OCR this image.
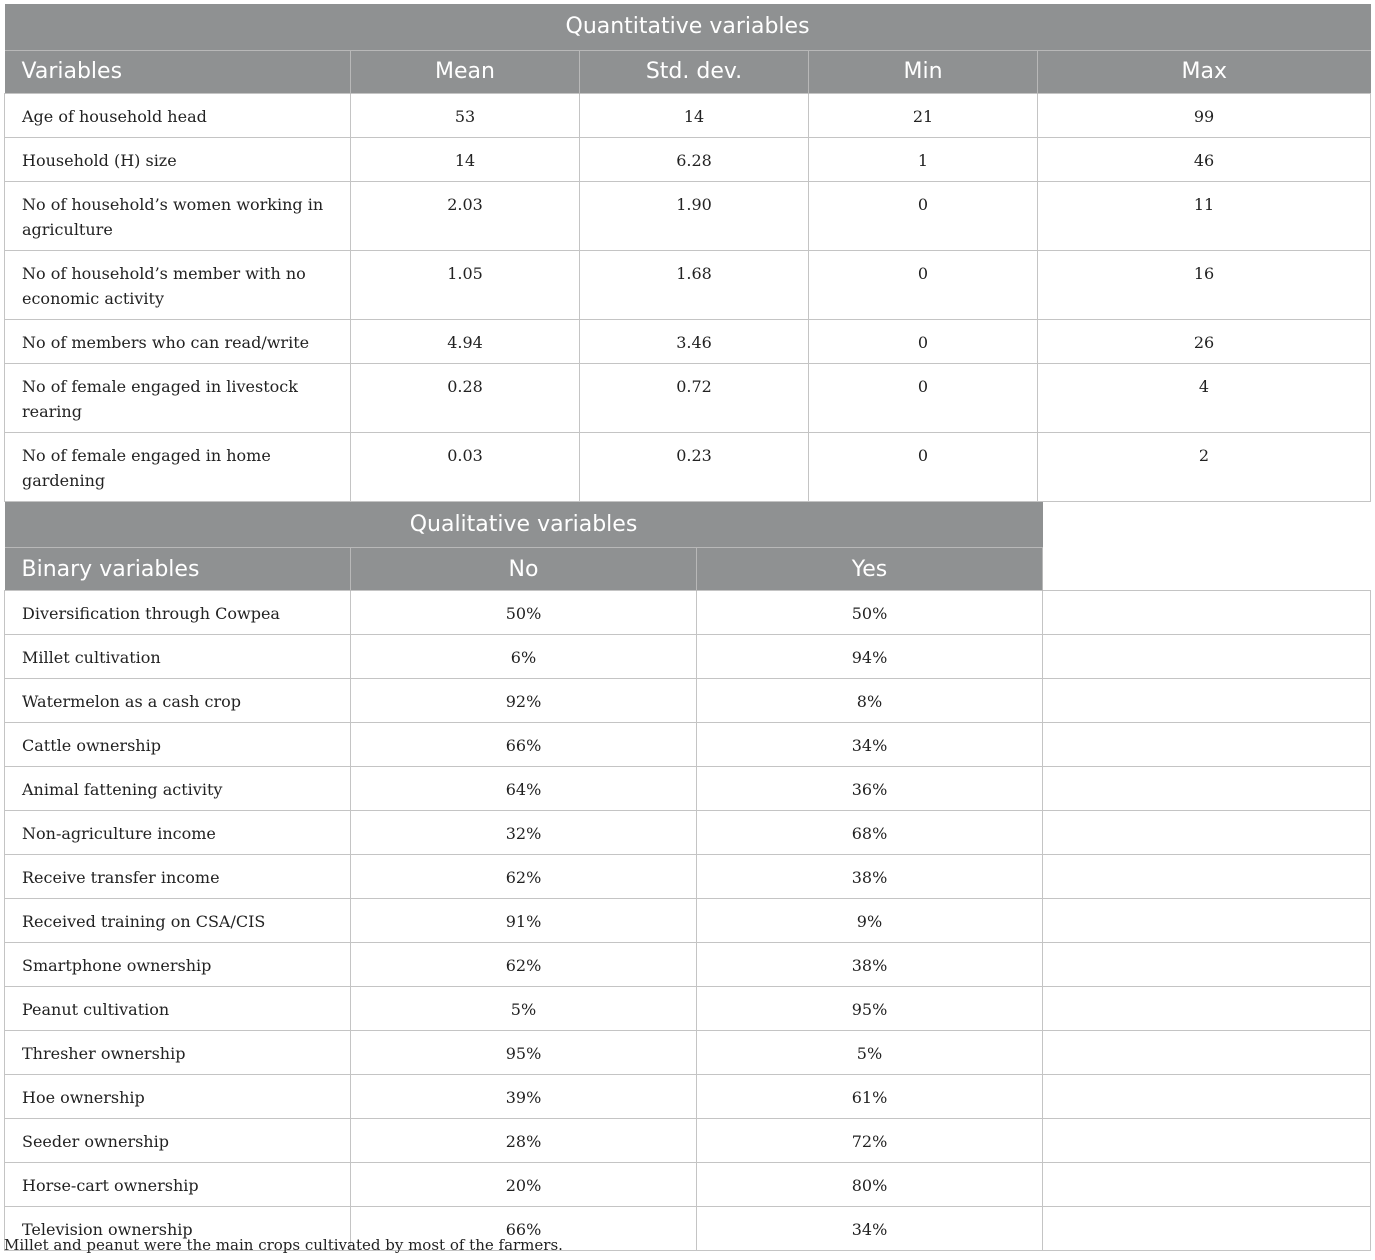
Quantitative variables				
Variables	Mean	Std. dev.	Min	Max
Age of household head	53	14	21	99
Household (H) size	14	6.28	1	46
No of household’s women working in agriculture	2.03	1.90	0	11
No of household’s member with no economic activity	1.05	1.68	0	16
No of members who can read/write	4.94	3.46	0	26
No of female engaged in livestock rearing	0.28	0.72	0	4
No of female engaged in home gardening	0.03	0.23	0	2
Qualitative variables			
Binary variables	No	Yes	
Diversification through Cowpea	50%	50%	
Millet cultivation	6%	94%	
Watermelon as a cash crop	92%	8%	
Cattle ownership	66%	34%	
Animal fattening activity	64%	36%	
Non-agriculture income	32%	68%	
Receive transfer income	62%	38%	
Received training on CSA/CIS	91%	9%	
Smartphone ownership	62%	38%	
Peanut cultivation	5%	95%	
Thresher ownership	95%	5%	
Hoe ownership	39%	61%	
Seeder ownership	28%	72%	
Horse-cart ownership	20%	80%	
Television ownership	66%	34%	
Millet and peanut were the main crops cultivated by most of the farmers.
